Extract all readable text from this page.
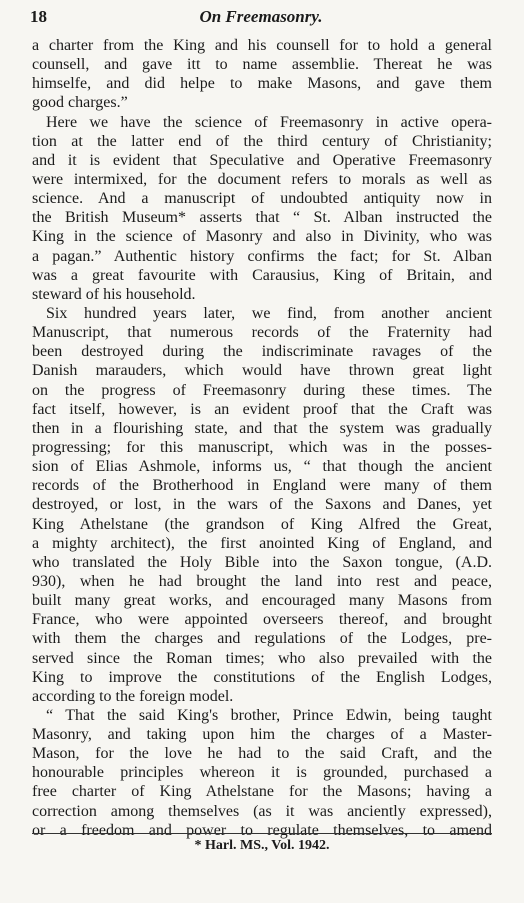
18	On Freemasonry.
a charter from the King and his counsell for to hold a general
counsell, and gave itt to name assemblie. Thereat he was
himselfe, and did helpe to make Masons, and gave them
good charges.”
Here we have the science of Freemasonry in active opera-
tion at the latter end of the third century of Christianity;
and it is evident that Speculative and Operative Freemasonry
were intermixed, for the document refers to morals as well as
science. And a manuscript of undoubted antiquity now in
the British Museum* asserts that “ St. Alban instructed the
King in the science of Masonry and also in Divinity, who was
a pagan.” Authentic history confirms the fact; for St. Alban
was a great favourite with Carausius, King of Britain, and
steward of his household.
Six hundred years later, we find, from another ancient
Manuscript, that numerous records of the Fraternity had
been destroyed during the indiscriminate ravages of the
Danish marauders, which would have thrown great light
on the progress of Freemasonry during these times. The
fact itself, however, is an evident proof that the Craft was
then in a flourishing state, and that the system was gradually
progressing; for this manuscript, which was in the posses-
sion of Elias Ashmole, informs us, “ that though the ancient
records of the Brotherhood in England were many of them
destroyed, or lost, in the wars of the Saxons and Danes, yet
King Athelstane (the grandson of King Alfred the Great,
a mighty architect), the first anointed King of England, and
who translated the Holy Bible into the Saxon tongue, (A.D.
930), when he had brought the land into rest and peace,
built many great works, and encouraged many Masons from
France, who were appointed overseers thereof, and brought
with them the charges and regulations of the Lodges, pre-
served since the Roman times; who also prevailed with the
King to improve the constitutions of the English Lodges,
according to the foreign model.
“ That the said King's brother, Prince Edwin, being taught
Masonry, and taking upon him the charges of a Master-
Mason, for the love he had to the said Craft, and the
honourable principles whereon it is grounded, purchased a
free charter of King Athelstane for the Masons; having a
correction among themselves (as it was anciently expressed),
or a freedom and power to regulate themselves, to amend
* Harl. MS., Vol. 1942.
